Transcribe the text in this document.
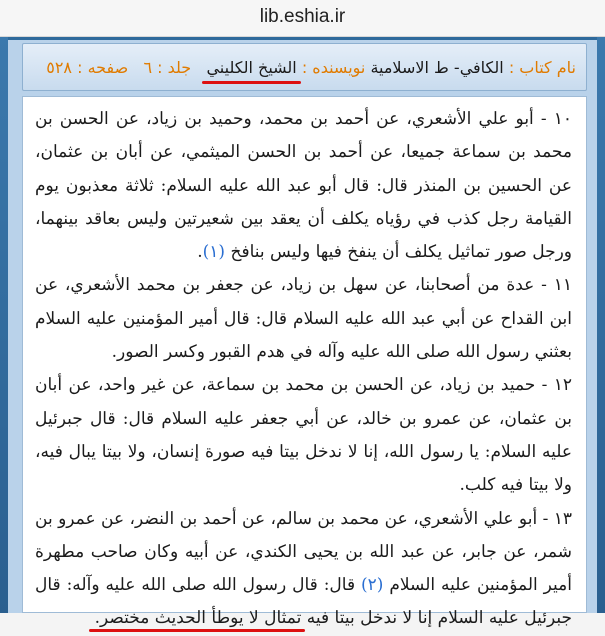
lib.eshia.ir
نام کتاب : الكافي- ط الاسلامية نويسنده : الشيخ الكليني
جلد : ٦   صفحه : ٥٢٨

١٠ - أبو علي الأشعري، عن أحمد بن محمد، وحميد بن زياد، عن الحسن بن محمد بن سماعة جميعا، عن أحمد بن الحسن الميثمي، عن أبان بن عثمان، عن الحسين بن المنذر قال: قال أبو عبد الله عليه السلام: ثلاثة معذبون يوم القيامة رجل كذب في رؤياه يكلف أن يعقد بين شعيرتين وليس بعاقد بينهما، ورجل صور تماثيل يكلف أن ينفخ فيها وليس بنافخ (١).

١١ - عدة من أصحابنا، عن سهل بن زياد، عن جعفر بن محمد الأشعري، عن ابن القداح عن أبي عبد الله عليه السلام قال: قال أمير المؤمنين عليه السلام بعثني رسول الله صلى الله عليه وآله في هدم القبور وكسر الصور.

١٢ - حميد بن زياد، عن الحسن بن محمد بن سماعة، عن غير واحد، عن أبان بن عثمان، عن عمرو بن خالد، عن أبي جعفر عليه السلام قال: قال جبرئيل عليه السلام: يا رسول الله، إنا لا ندخل بيتا فيه صورة إنسان، ولا بيتا يبال فيه، ولا بيتا فيه كلب.

١٣ - أبو علي الأشعري، عن محمد بن سالم، عن أحمد بن النضر، عن عمرو بن شمر، عن جابر، عن عبد الله بن يحيى الكندي، عن أبيه وكان صاحب مطهرة أمير المؤمنين عليه السلام (٢) قال: قال رسول الله صلى الله عليه وآله: قال جبرئيل عليه السلام إنا لا ندخل بيتا فيه تمثال لا يوطأ الحديث مختصر.
